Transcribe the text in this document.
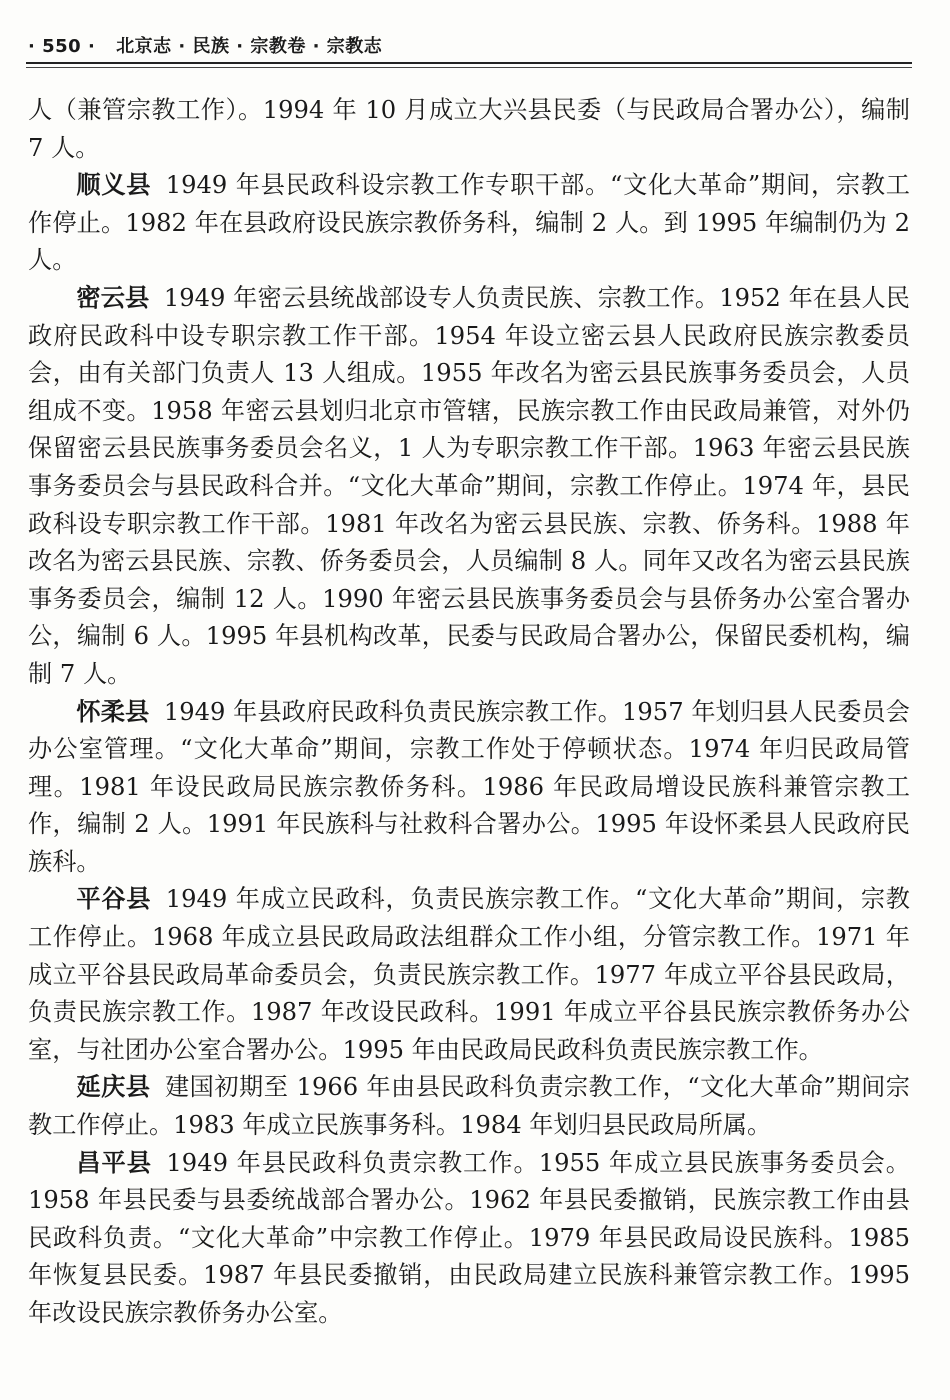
· 550 · 北京志 · 民族 · 宗教卷 · 宗教志

人（兼管宗教工作）。1994 年 10 月成立大兴县民委（与民政局合署办公），编制 7 人。

顺义县 1949 年县民政科设宗教工作专职干部。“文化大革命”期间，宗教工作停止。1982 年在县政府设民族宗教侨务科，编制 2 人。到 1995 年编制仍为 2 人。

密云县 1949 年密云县统战部设专人负责民族、宗教工作。1952 年在县人民政府民政科中设专职宗教工作干部。1954 年设立密云县人民政府民族宗教委员会，由有关部门负责人 13 人组成。1955 年改名为密云县民族事务委员会，人员组成不变。1958 年密云县划归北京市管辖，民族宗教工作由民政局兼管，对外仍保留密云县民族事务委员会名义，1 人为专职宗教工作干部。1963 年密云县民族事务委员会与县民政科合并。“文化大革命”期间，宗教工作停止。1974 年，县民政科设专职宗教工作干部。1981 年改名为密云县民族、宗教、侨务科。1988 年改名为密云县民族、宗教、侨务委员会，人员编制 8 人。同年又改名为密云县民族事务委员会，编制 12 人。1990 年密云县民族事务委员会与县侨务办公室合署办公，编制 6 人。1995 年县机构改革，民委与民政局合署办公，保留民委机构，编制 7 人。

怀柔县 1949 年县政府民政科负责民族宗教工作。1957 年划归县人民委员会办公室管理。“文化大革命”期间，宗教工作处于停顿状态。1974 年归民政局管理。1981 年设民政局民族宗教侨务科。1986 年民政局增设民族科兼管宗教工作，编制 2 人。1991 年民族科与社救科合署办公。1995 年设怀柔县人民政府民族科。

平谷县 1949 年成立民政科，负责民族宗教工作。“文化大革命”期间，宗教工作停止。1968 年成立县民政局政法组群众工作小组，分管宗教工作。1971 年成立平谷县民政局革命委员会，负责民族宗教工作。1977 年成立平谷县民政局，负责民族宗教工作。1987 年改设民政科。1991 年成立平谷县民族宗教侨务办公室，与社团办公室合署办公。1995 年由民政局民政科负责民族宗教工作。

延庆县 建国初期至 1966 年由县民政科负责宗教工作，“文化大革命”期间宗教工作停止。1983 年成立民族事务科。1984 年划归县民政局所属。

昌平县 1949 年县民政科负责宗教工作。1955 年成立县民族事务委员会。1958 年县民委与县委统战部合署办公。1962 年县民委撤销，民族宗教工作由县民政科负责。“文化大革命”中宗教工作停止。1979 年县民政局设民族科。1985 年恢复县民委。1987 年县民委撤销，由民政局建立民族科兼管宗教工作。1995 年改设民族宗教侨务办公室。
